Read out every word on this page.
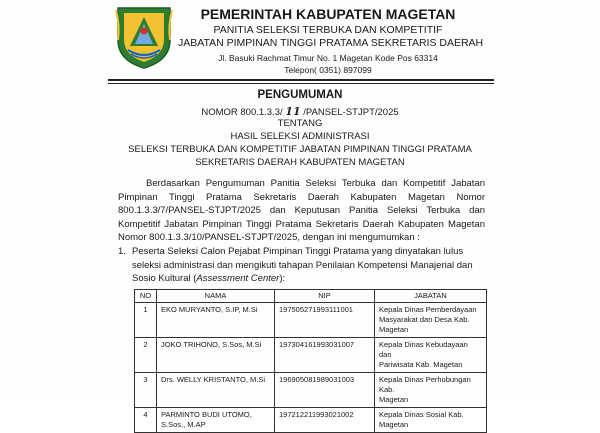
PEMERINTAH KABUPATEN MAGETAN
PANITIA SELEKSI TERBUKA DAN KOMPETITIF
JABATAN PIMPINAN TINGGI PRATAMA SEKRETARIS DAERAH
Jl. Basuki Rachmat Timur No. 1 Magetan Kode Pos 63314
Telepon( 0351) 897099
PENGUMUMAN
NOMOR 800.1.3.3/ 11 /PANSEL-STJPT/2025
TENTANG
HASIL SELEKSI ADMINISTRASI
SELEKSI TERBUKA DAN KOMPETITIF JABATAN PIMPINAN TINGGI PRATAMA
SEKRETARIS DAERAH KABUPATEN MAGETAN

Berdasarkan Pengumuman Panitia Seleksi Terbuka dan Kompetitif Jabatan

Pimpinan Tinggi Pratama Sekretaris Daerah Kabupaten Magetan Nomor

800.1.3.3/7/PANSEL-STJPT/2025 dan Keputusan Panitia Seleksi Terbuka dan

Kompetitif Jabatan Pimpinan Tinggi Pratama Sekretaris Daerah Kabupaten Magetan

Nomor 800.1.3.3/10/PANSEL-STJPT/2025, dengan ini mengumumkan :

1. Peserta Seleksi Calon Pejabat Pimpinan Tinggi Pratama yang dinyatakan lulus

seleksi administrasi dan mengikuti tahapan Penilaian Kompetensi Manajerial dan

Sosio Kultural (Assessment Center):

NO	NAMA	NIP	JABATAN
1	EKO MURYANTO, S.IP, M.Si	197505271993111001	Kepala Dinas Pemberdayaan
Masyarakat dan Desa Kab. Magetan

2	JOKO TRIHONO, S.Sos, M.Si	197304161993031007	Kepala Dinas Kebudayaan dan
Pariwisata Kab. Magetan

3	Drs. WELLY KRISTANTO, M.Si	196905081989031003	Kepala Dinas Perhubungan Kab.
Magetan

4	PARMINTO BUDI UTOMO,
S.Sos., M.AP	197212211993021002	Kepala Dinas Sosial Kab. Magetan
